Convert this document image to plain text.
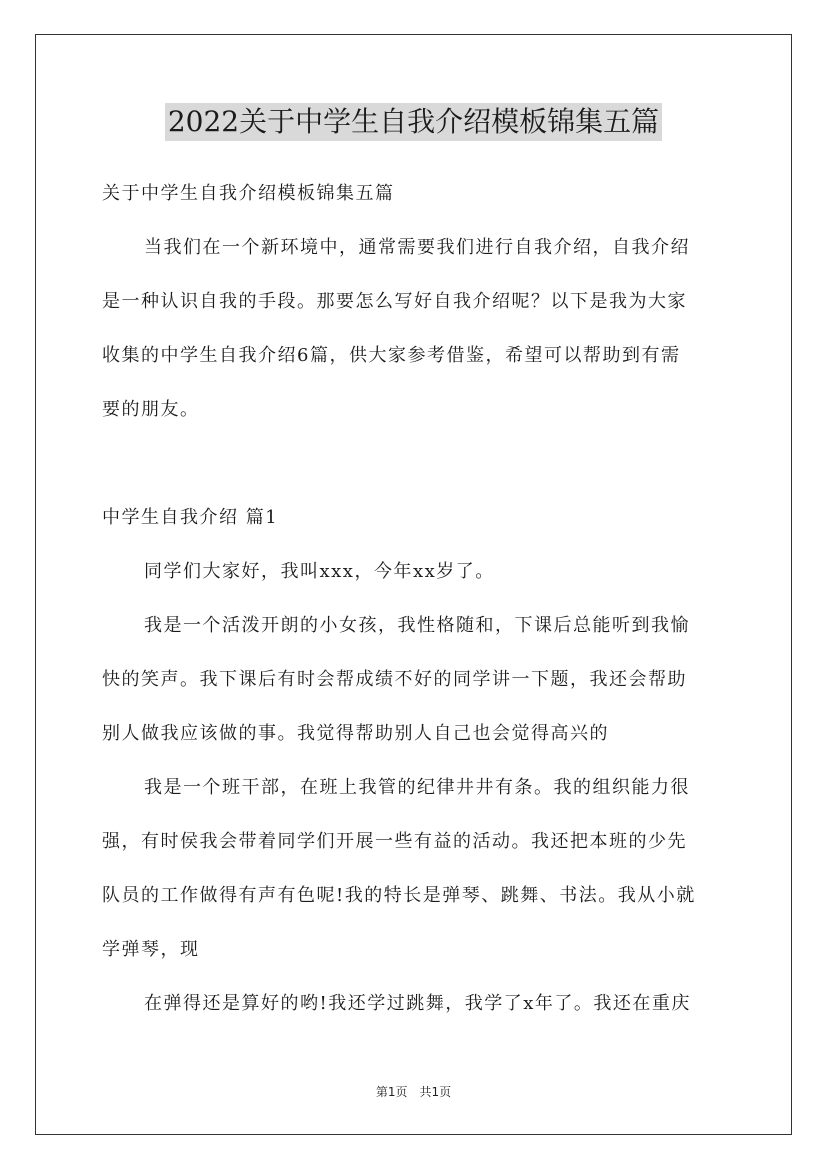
2022关于中学生自我介绍模板锦集五篇
关于中学生自我介绍模板锦集五篇
当我们在一个新环境中，通常需要我们进行自我介绍，自我介绍
是一种认识自我的手段。那要怎么写好自我介绍呢？以下是我为大家
收集的中学生自我介绍6篇，供大家参考借鉴，希望可以帮助到有需
要的朋友。
中学生自我介绍 篇1
同学们大家好，我叫xxx，今年xx岁了。
我是一个活泼开朗的小女孩，我性格随和，下课后总能听到我愉
快的笑声。我下课后有时会帮成绩不好的同学讲一下题，我还会帮助
别人做我应该做的事。我觉得帮助别人自己也会觉得高兴的
我是一个班干部，在班上我管的纪律井井有条。我的组织能力很
强，有时侯我会带着同学们开展一些有益的活动。我还把本班的少先
队员的工作做得有声有色呢!我的特长是弹琴、跳舞、书法。我从小就
学弹琴，现
在弹得还是算好的哟!我还学过跳舞，我学了x年了。我还在重庆
第1页 共1页
